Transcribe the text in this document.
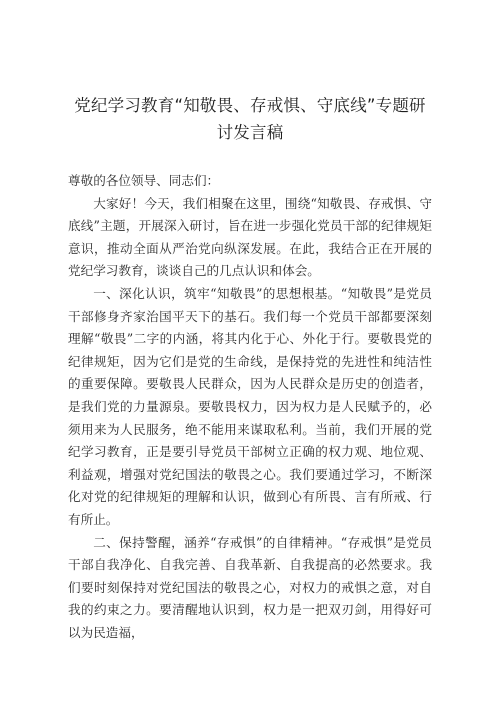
党纪学习教育“知敬畏、存戒惧、守底线”专题研讨发言稿

尊敬的各位领导、同志们：

大家好！今天，我们相聚在这里，围绕“知敬畏、存戒惧、守底线”主题，开展深入研讨，旨在进一步强化党员干部的纪律规矩意识，推动全面从严治党向纵深发展。在此，我结合正在开展的党纪学习教育，谈谈自己的几点认识和体会。

一、深化认识，筑牢“知敬畏”的思想根基。“知敬畏”是党员干部修身齐家治国平天下的基石。我们每一个党员干部都要深刻理解“敬畏”二字的内涵，将其内化于心、外化于行。要敬畏党的纪律规矩，因为它们是党的生命线，是保持党的先进性和纯洁性的重要保障。要敬畏人民群众，因为人民群众是历史的创造者，是我们党的力量源泉。要敬畏权力，因为权力是人民赋予的，必须用来为人民服务，绝不能用来谋取私利。当前，我们开展的党纪学习教育，正是要引导党员干部树立正确的权力观、地位观、利益观，增强对党纪国法的敬畏之心。我们要通过学习，不断深化对党的纪律规矩的理解和认识，做到心有所畏、言有所戒、行有所止。

二、保持警醒，涵养“存戒惧”的自律精神。“存戒惧”是党员干部自我净化、自我完善、自我革新、自我提高的必然要求。我们要时刻保持对党纪国法的敬畏之心，对权力的戒惧之意，对自我的约束之力。要清醒地认识到，权力是一把双刃剑，用得好可以为民造福，
